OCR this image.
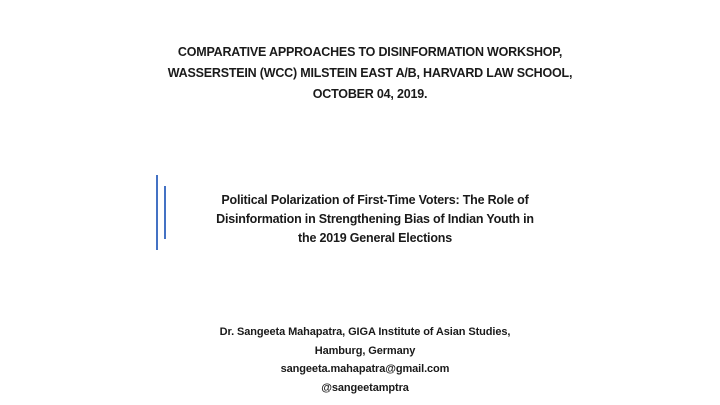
COMPARATIVE APPROACHES TO DISINFORMATION WORKSHOP,
WASSERSTEIN (WCC) MILSTEIN EAST A/B, HARVARD LAW SCHOOL,
OCTOBER 04, 2019.
Political Polarization of First-Time Voters: The Role of
Disinformation in Strengthening Bias of Indian Youth in
the 2019 General Elections
Dr. Sangeeta Mahapatra, GIGA Institute of Asian Studies,
Hamburg, Germany
sangeeta.mahapatra@gmail.com
@sangeetamptra
